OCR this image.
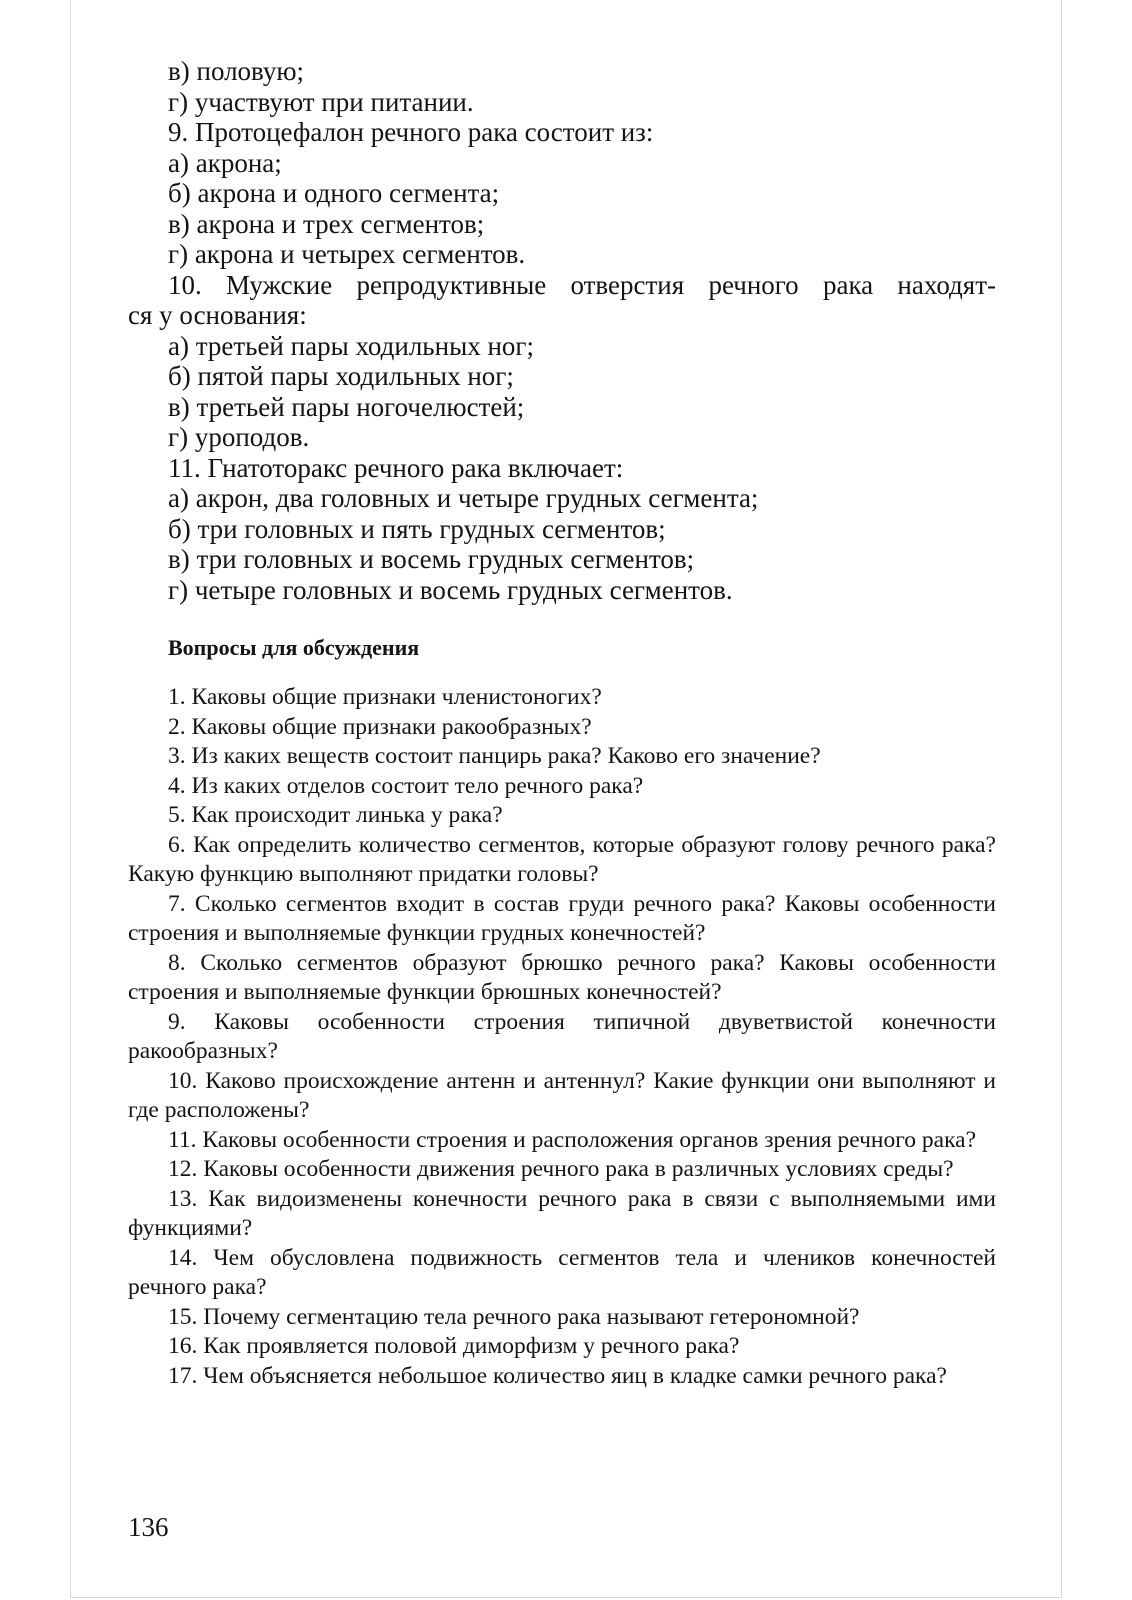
в) половую;
г) участвуют при питании.
9. Протоцефалон речного рака состоит из:
а) акрона;
б) акрона и одного сегмента;
в) акрона и трех сегментов;
г) акрона и четырех сегментов.
10. Мужские репродуктивные отверстия речного рака находят-
ся у основания:
а) третьей пары ходильных ног;
б) пятой пары ходильных ног;
в) третьей пары ногочелюстей;
г) уроподов.
11. Гнатоторакс речного рака включает:
а) акрон, два головных и четыре грудных сегмента;
б) три головных и пять грудных сегментов;
в) три головных и восемь грудных сегментов;
г) четыре головных и восемь грудных сегментов.
Вопросы для обсуждения

1. Каковы общие признаки членистоногих?

2. Каковы общие признаки ракообразных?

3. Из каких веществ состоит панцирь рака? Каково его значение?

4. Из каких отделов состоит тело речного рака?

5. Как происходит линька у рака?

6. Как определить количество сегментов, которые образуют голову речного рака? Какую функцию выполняют придатки головы?

7. Сколько сегментов входит в состав груди речного рака? Каковы особенности строения и выполняемые функции грудных конечностей?

8. Сколько сегментов образуют брюшко речного рака? Каковы особенности строения и выполняемые функции брюшных конечностей?

9. Каковы особенности строения типичной двуветвистой конечности ракообразных?

10. Каково происхождение антенн и антеннул? Какие функции они выполняют и где расположены?

11. Каковы особенности строения и расположения органов зрения речного рака?

12. Каковы особенности движения речного рака в различных условиях среды?

13. Как видоизменены конечности речного рака в связи с выполняемыми ими функциями?

14. Чем обусловлена подвижность сегментов тела и члеников конечностей речного рака?

15. Почему сегментацию тела речного рака называют гетерономной?

16. Как проявляется половой диморфизм у речного рака?

17. Чем объясняется небольшое количество яиц в кладке самки речного рака?

136
